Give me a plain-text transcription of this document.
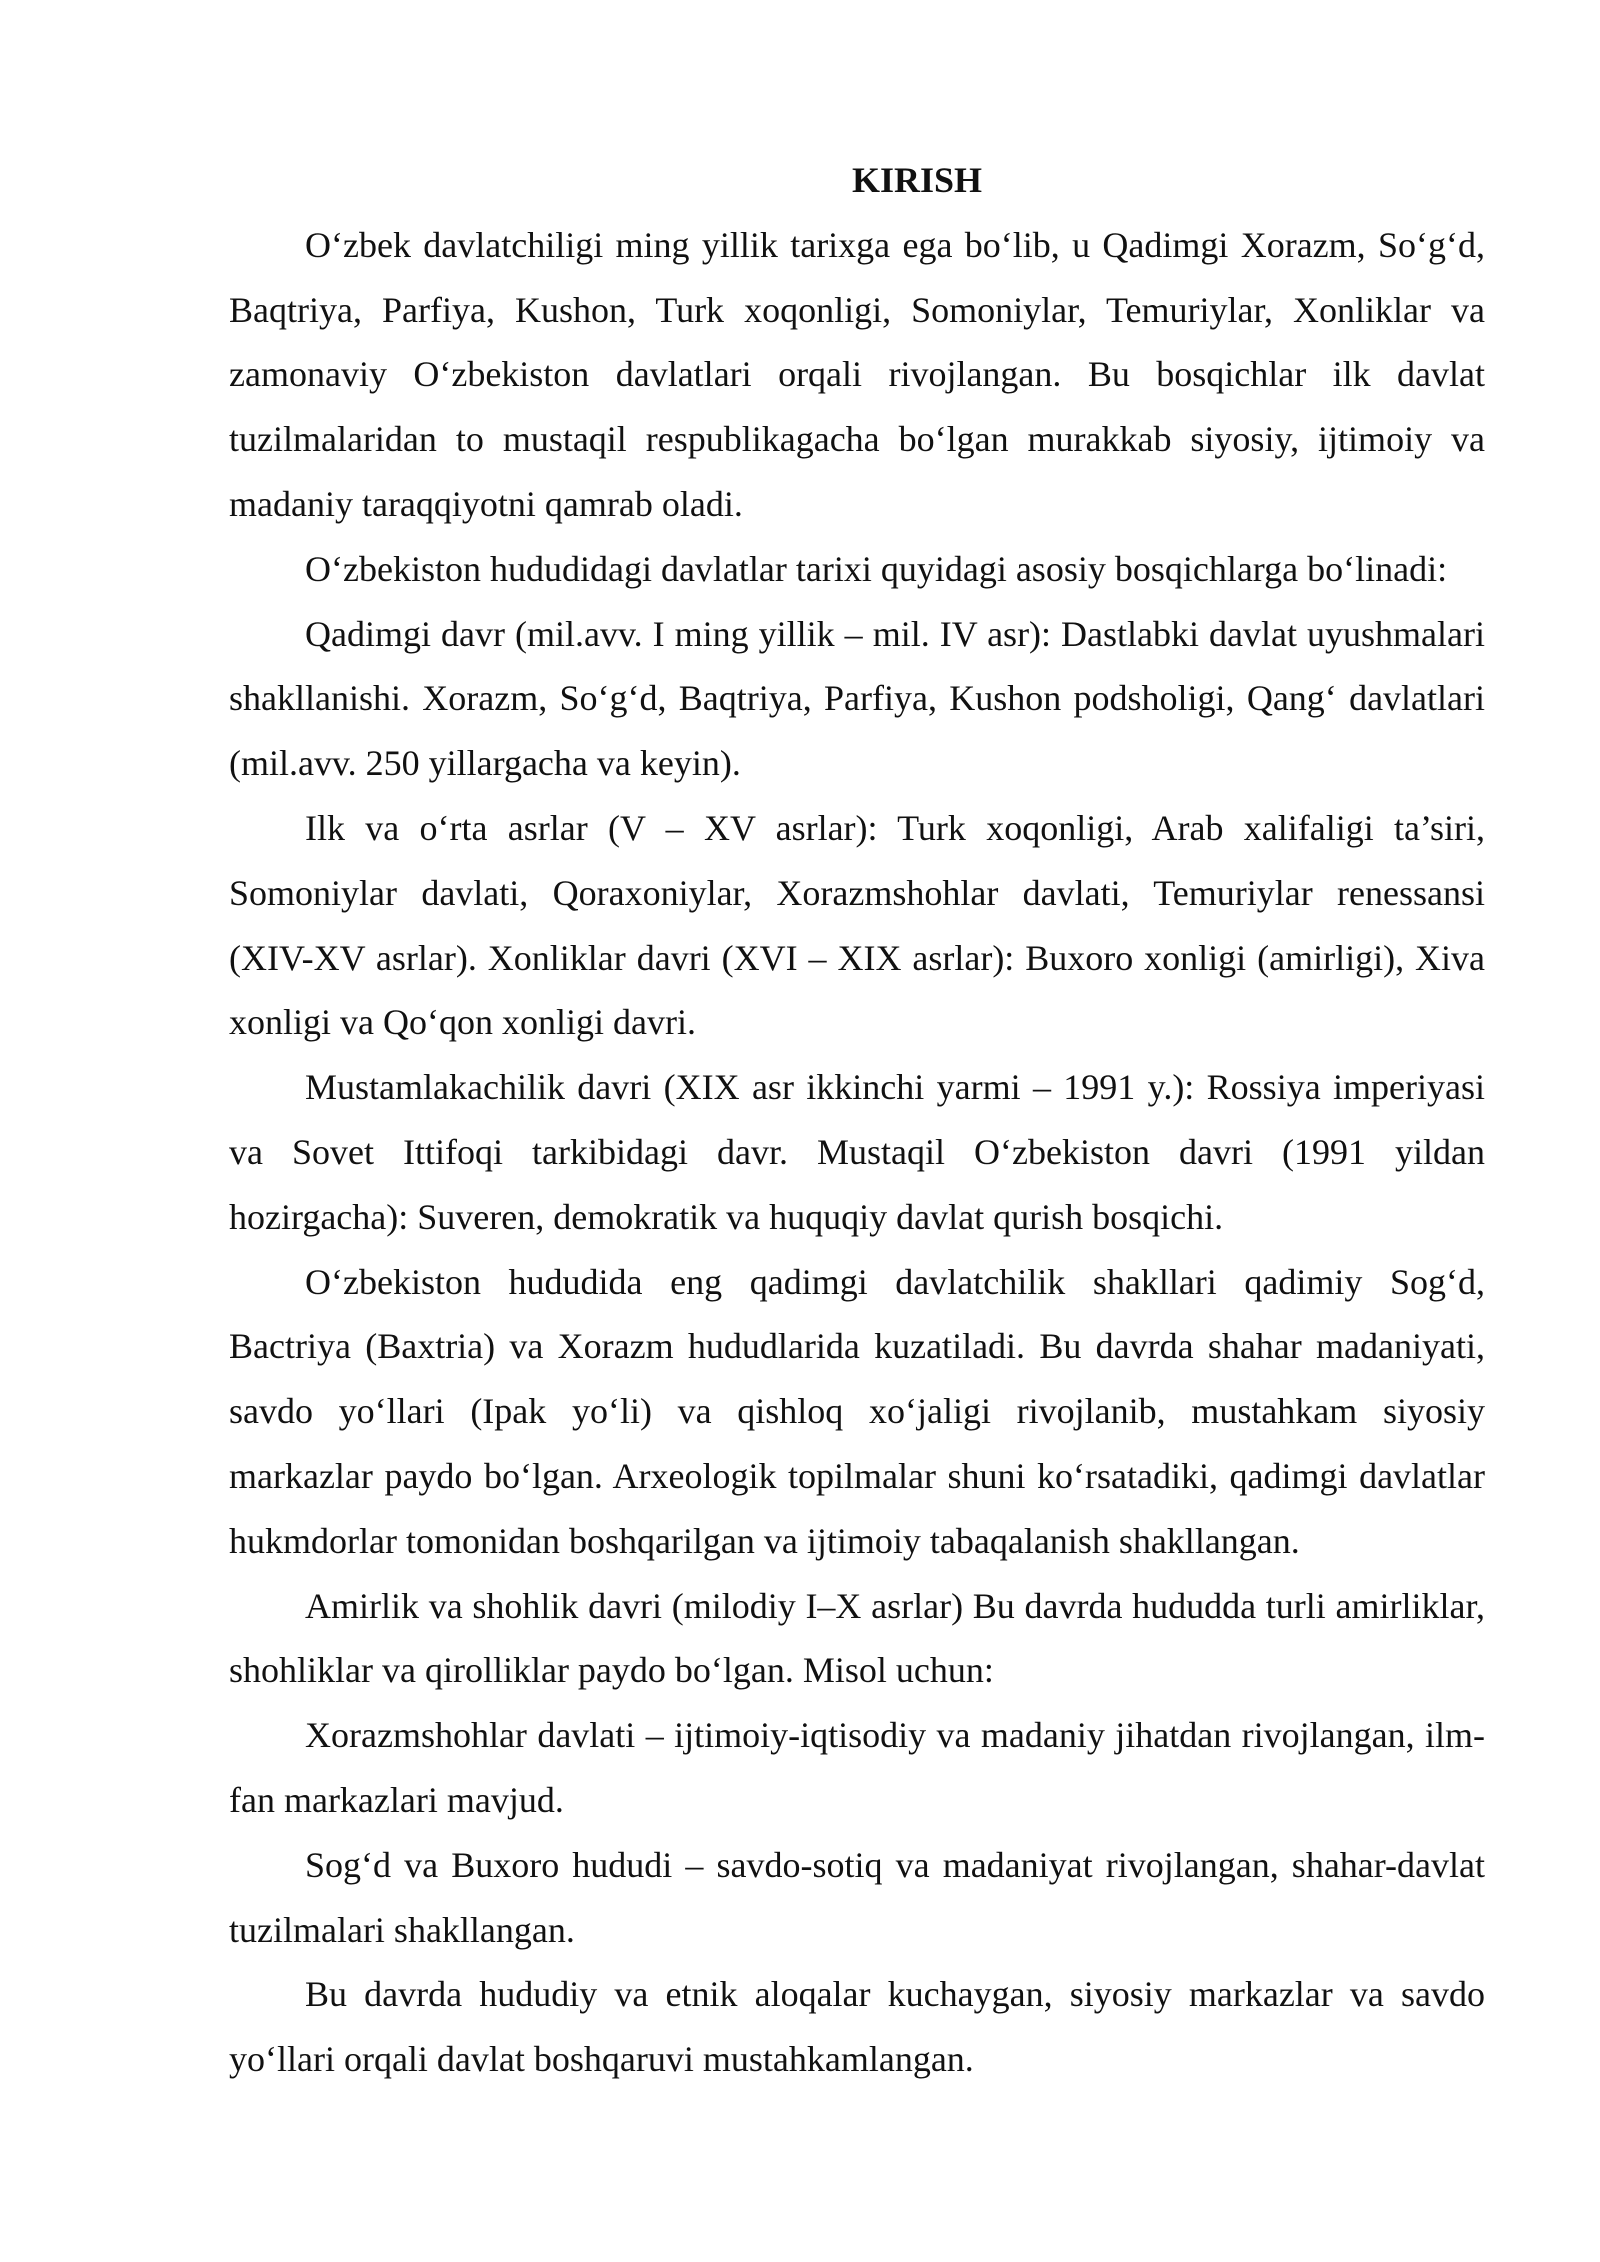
KIRISH

O‘zbek davlatchiligi ming yillik tarixga ega bo‘lib, u Qadimgi Xorazm, So‘g‘d, Baqtriya, Parfiya, Kushon, Turk xoqonligi, Somoniylar, Temuriylar, Xonliklar va zamonaviy O‘zbekiston davlatlari orqali rivojlangan. Bu bosqichlar ilk davlat tuzilmalaridan to mustaqil respublikagacha bo‘lgan murakkab siyosiy, ijtimoiy va madaniy taraqqiyotni qamrab oladi.

O‘zbekiston hududidagi davlatlar tarixi quyidagi asosiy bosqichlarga bo‘linadi:

Qadimgi davr (mil.avv. I ming yillik – mil. IV asr): Dastlabki davlat uyushmalari shakllanishi. Xorazm, So‘g‘d, Baqtriya, Parfiya, Kushon podsholigi, Qang‘ davlatlari (mil.avv. 250 yillargacha va keyin).

Ilk va o‘rta asrlar (V – XV asrlar): Turk xoqonligi, Arab xalifaligi ta’siri, Somoniylar davlati, Qoraxoniylar, Xorazmshohlar davlati, Temuriylar renessansi (XIV-XV asrlar). Xonliklar davri (XVI – XIX asrlar): Buxoro xonligi (amirligi), Xiva xonligi va Qo‘qon xonligi davri.

Mustamlakachilik davri (XIX asr ikkinchi yarmi – 1991 y.): Rossiya imperiyasi va Sovet Ittifoqi tarkibidagi davr. Mustaqil O‘zbekiston davri (1991 yildan hozirgacha): Suveren, demokratik va huquqiy davlat qurish bosqichi.

O‘zbekiston hududida eng qadimgi davlatchilik shakllari qadimiy Sog‘d, Bactriya (Baxtria) va Xorazm hududlarida kuzatiladi. Bu davrda shahar madaniyati, savdo yo‘llari (Ipak yo‘li) va qishloq xo‘jaligi rivojlanib, mustahkam siyosiy markazlar paydo bo‘lgan. Arxeologik topilmalar shuni ko‘rsatadiki, qadimgi davlatlar hukmdorlar tomonidan boshqarilgan va ijtimoiy tabaqalanish shakllangan.

Amirlik va shohlik davri (milodiy I–X asrlar) Bu davrda hududda turli amirliklar, shohliklar va qirolliklar paydo bo‘lgan. Misol uchun:

Xorazmshohlar davlati – ijtimoiy-iqtisodiy va madaniy jihatdan rivojlangan, ilm-fan markazlari mavjud.

Sog‘d va Buxoro hududi – savdo-sotiq va madaniyat rivojlangan, shahar-davlat tuzilmalari shakllangan.

Bu davrda hududiy va etnik aloqalar kuchaygan, siyosiy markazlar va savdo yo‘llari orqali davlat boshqaruvi mustahkamlangan.
